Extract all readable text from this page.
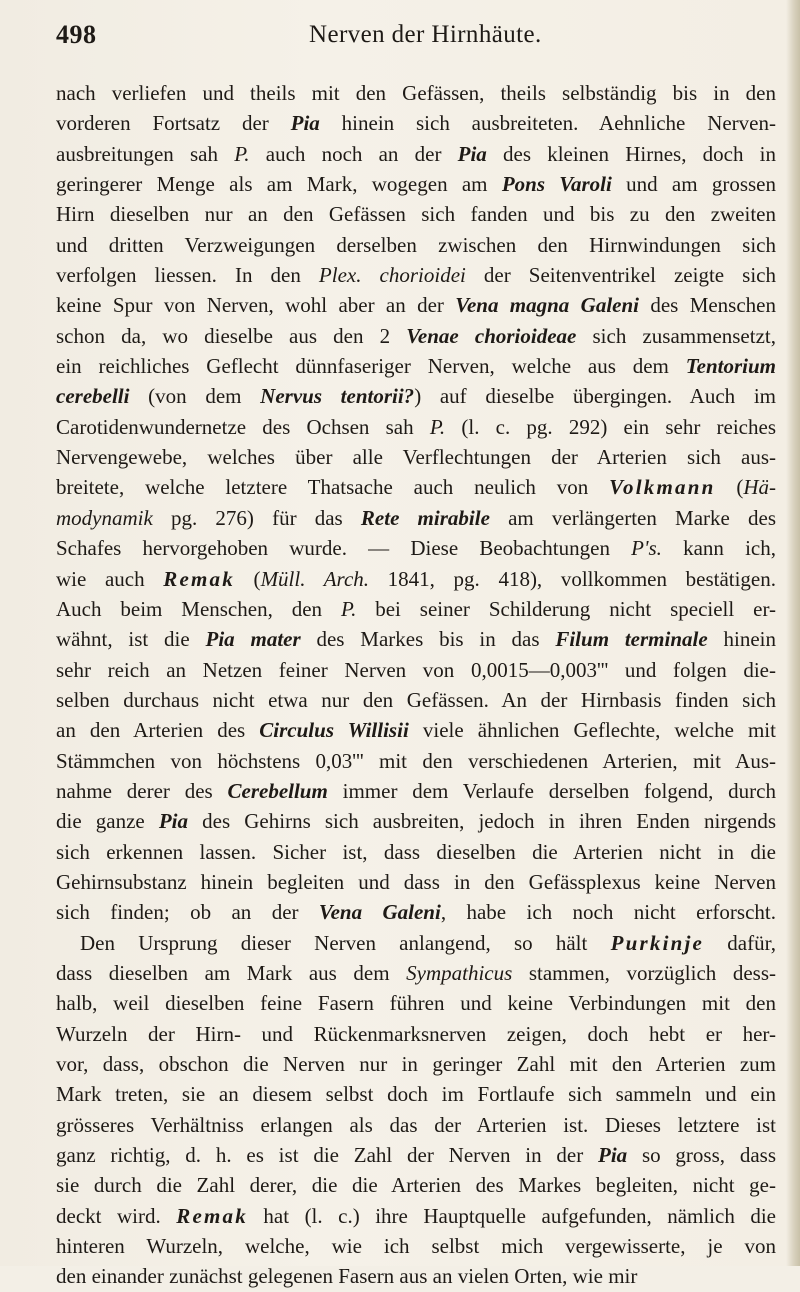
498	Nerven der Hirnhäute.
nach verliefen und theils mit den Gefässen, theils selbständig bis in den
vorderen Fortsatz der Pia hinein sich ausbreiteten. Aehnliche Nerven-
ausbreitungen sah P. auch noch an der Pia des kleinen Hirnes, doch in
geringerer Menge als am Mark, wogegen am Pons Varoli und am grossen
Hirn dieselben nur an den Gefässen sich fanden und bis zu den zweiten
und dritten Verzweigungen derselben zwischen den Hirnwindungen sich
verfolgen liessen. In den Plex. chorioidei der Seitenventrikel zeigte sich
keine Spur von Nerven, wohl aber an der Vena magna Galeni des Menschen
schon da, wo dieselbe aus den 2 Venae chorioideae sich zusammensetzt,
ein reichliches Geflecht dünnfaseriger Nerven, welche aus dem Tentorium
cerebelli (von dem Nervus tentorii?) auf dieselbe übergingen. Auch im
Carotidenwundernetze des Ochsen sah P. (l. c. pg. 292) ein sehr reiches
Nervengewebe, welches über alle Verflechtungen der Arterien sich aus-
breitete, welche letztere Thatsache auch neulich von Volkmann (Hä-
modynamik pg. 276) für das Rete mirabile am verlängerten Marke des
Schafes hervorgehoben wurde. — Diese Beobachtungen P's. kann ich,
wie auch Remak (Müll. Arch. 1841, pg. 418), vollkommen bestätigen.
Auch beim Menschen, den P. bei seiner Schilderung nicht speciell er-
wähnt, ist die Pia mater des Markes bis in das Filum terminale hinein
sehr reich an Netzen feiner Nerven von 0,0015—0,003''' und folgen die-
selben durchaus nicht etwa nur den Gefässen. An der Hirnbasis finden sich
an den Arterien des Circulus Willisii viele ähnlichen Geflechte, welche mit
Stämmchen von höchstens 0,03''' mit den verschiedenen Arterien, mit Aus-
nahme derer des Cerebellum immer dem Verlaufe derselben folgend, durch
die ganze Pia des Gehirns sich ausbreiten, jedoch in ihren Enden nirgends
sich erkennen lassen. Sicher ist, dass dieselben die Arterien nicht in die
Gehirnsubstanz hinein begleiten und dass in den Gefässplexus keine Nerven
sich finden; ob an der Vena Galeni, habe ich noch nicht erforscht.
Den Ursprung dieser Nerven anlangend, so hält Purkinje dafür,
dass dieselben am Mark aus dem Sympathicus stammen, vorzüglich dess-
halb, weil dieselben feine Fasern führen und keine Verbindungen mit den
Wurzeln der Hirn- und Rückenmarksnerven zeigen, doch hebt er her-
vor, dass, obschon die Nerven nur in geringer Zahl mit den Arterien zum
Mark treten, sie an diesem selbst doch im Fortlaufe sich sammeln und ein
grösseres Verhältniss erlangen als das der Arterien ist. Dieses letztere ist
ganz richtig, d. h. es ist die Zahl der Nerven in der Pia so gross, dass
sie durch die Zahl derer, die die Arterien des Markes begleiten, nicht ge-
deckt wird. Remak hat (l. c.) ihre Hauptquelle aufgefunden, nämlich die
hinteren Wurzeln, welche, wie ich selbst mich vergewisserte, je von
den einander zunächst gelegenen Fasern aus an vielen Orten, wie mir
